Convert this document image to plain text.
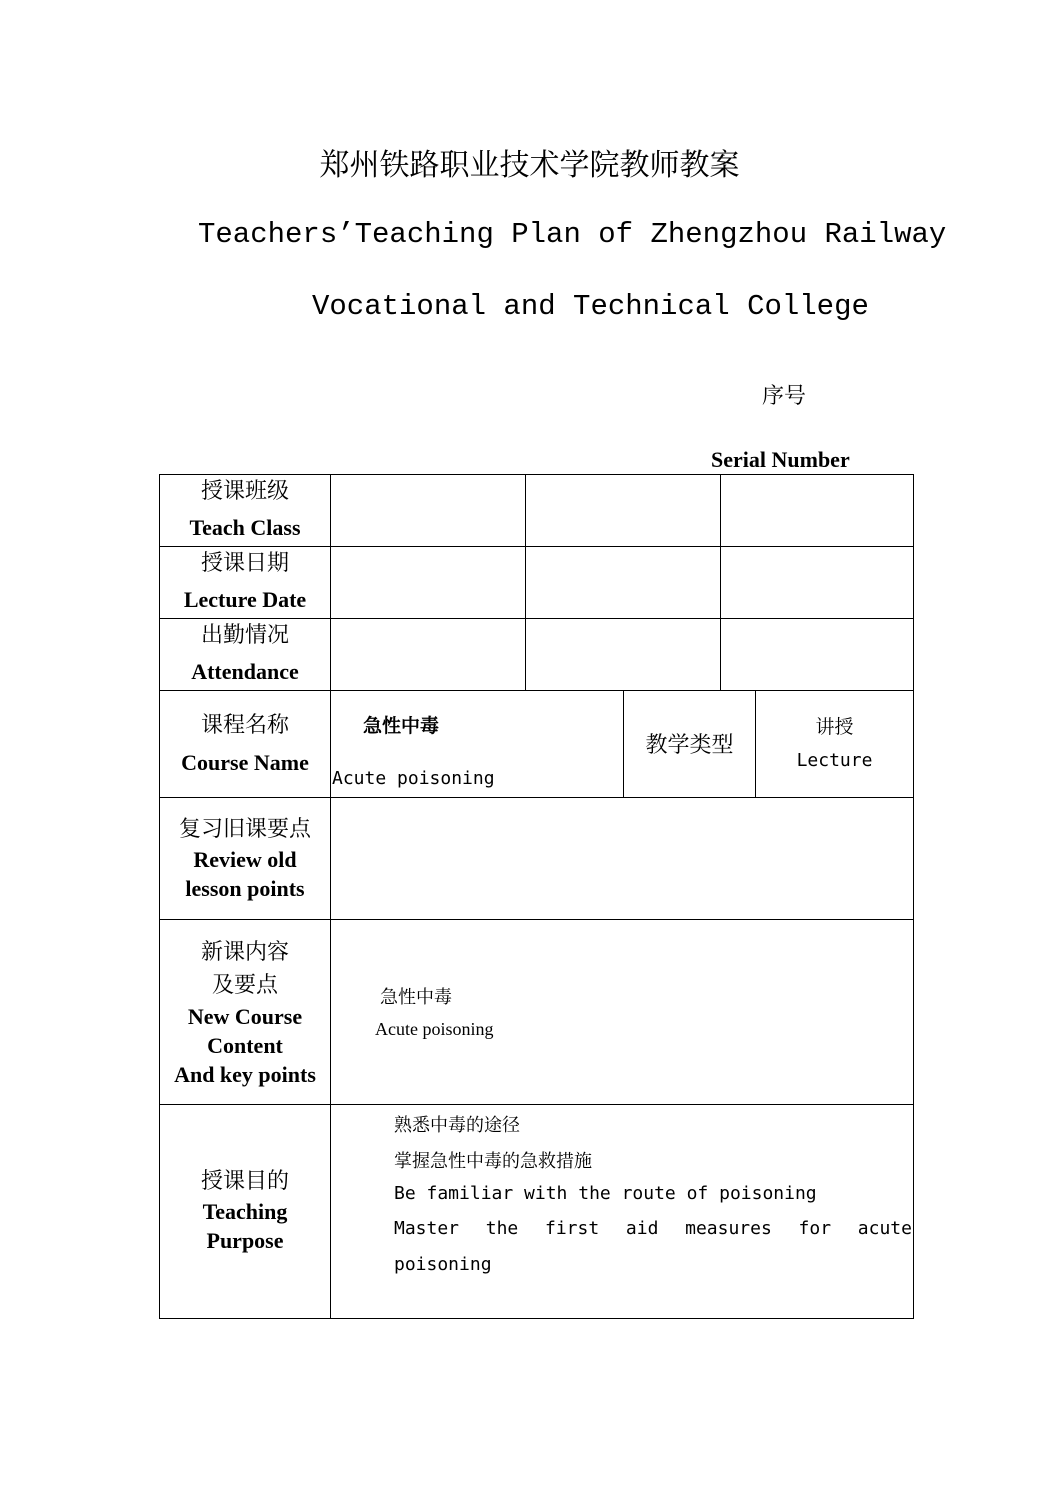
郑州铁路职业技术学院教师教案
Teachers’Teaching Plan of Zhengzhou Railway
Vocational and Technical College
序号
Serial Number
授课班级
Teach Class
授课日期
Lecture Date
出勤情况
Attendance
课程名称
Course Name
急性中毒
Acute poisoning
教学类型
讲授
Lecture
复习旧课要点
Review old
lesson points
新课内容
及要点
New Course
Content
And key points
急性中毒
Acute poisoning
授课目的
Teaching
Purpose
熟悉中毒的途径
掌握急性中毒的急救措施
Be familiar with the route of poisoning
Master the first aid measures for acute
poisoning
